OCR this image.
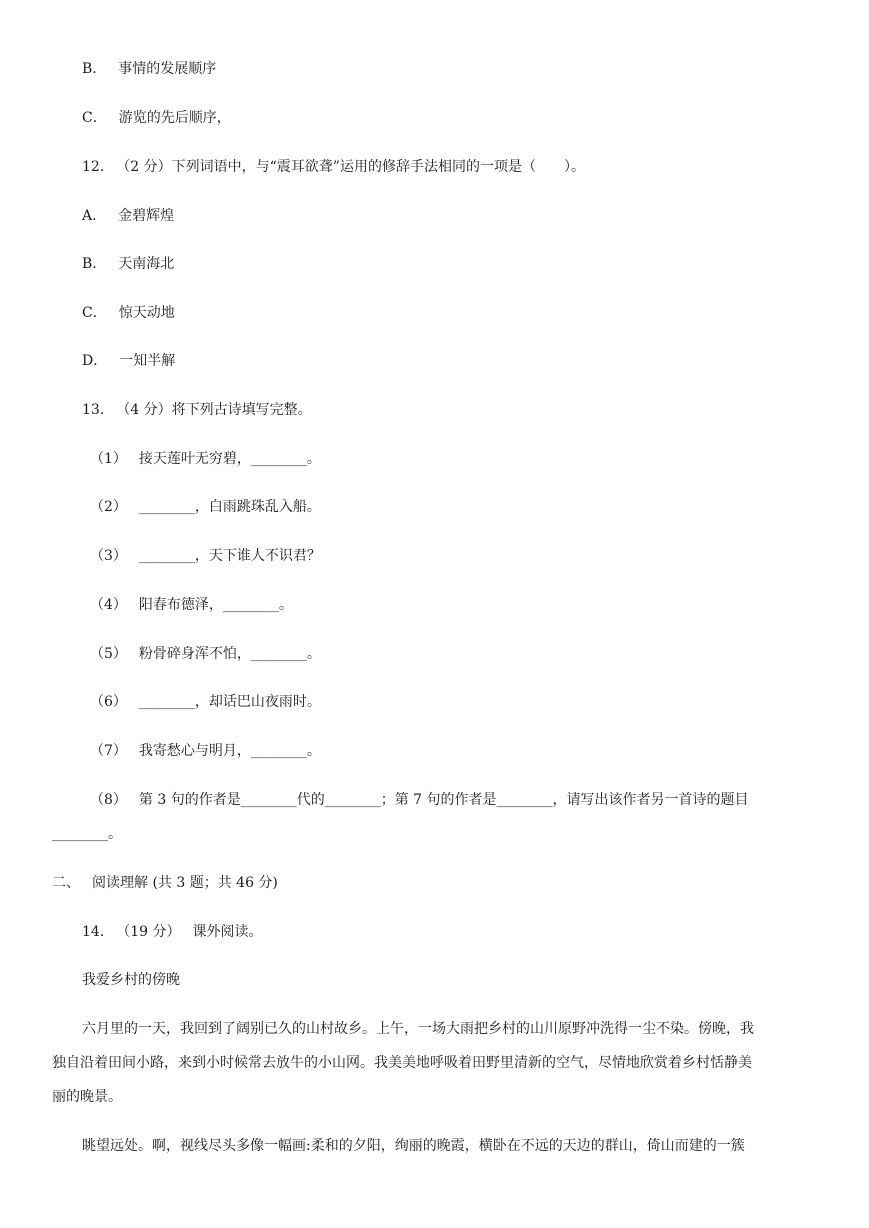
B． 事情的发展顺序
C． 游览的先后顺序，
12. （2 分）下列词语中，与“震耳欲聋”运用的修辞手法相同的一项是（　　）。
A． 金碧辉煌
B． 天南海北
C． 惊天动地
D． 一知半解
13. （4 分）将下列古诗填写完整。
（1） 接天莲叶无穷碧，________。
（2） ________，白雨跳珠乱入船。
（3） ________，天下谁人不识君？
（4） 阳春布德泽，________。
（5） 粉骨碎身浑不怕，________。
（6） ________，却话巴山夜雨时。
（7） 我寄愁心与明月，________。
（8） 第 3 句的作者是________代的________；第 7 句的作者是________，请写出该作者另一首诗的题目
________。
二、 阅读理解 (共 3 题；共 46 分)
14. （19 分） 课外阅读。
我爱乡村的傍晚
六月里的一天，我回到了阔别已久的山村故乡。上午，一场大雨把乡村的山川原野冲洗得一尘不染。傍晚，我
独自沿着田间小路，来到小时候常去放牛的小山网。我美美地呼吸着田野里清新的空气，尽情地欣赏着乡村恬静美
丽的晚景。
眺望远处。啊，视线尽头多像一幅画:柔和的夕阳，绚丽的晚霞，横卧在不远的天边的群山，倚山而建的一簇
